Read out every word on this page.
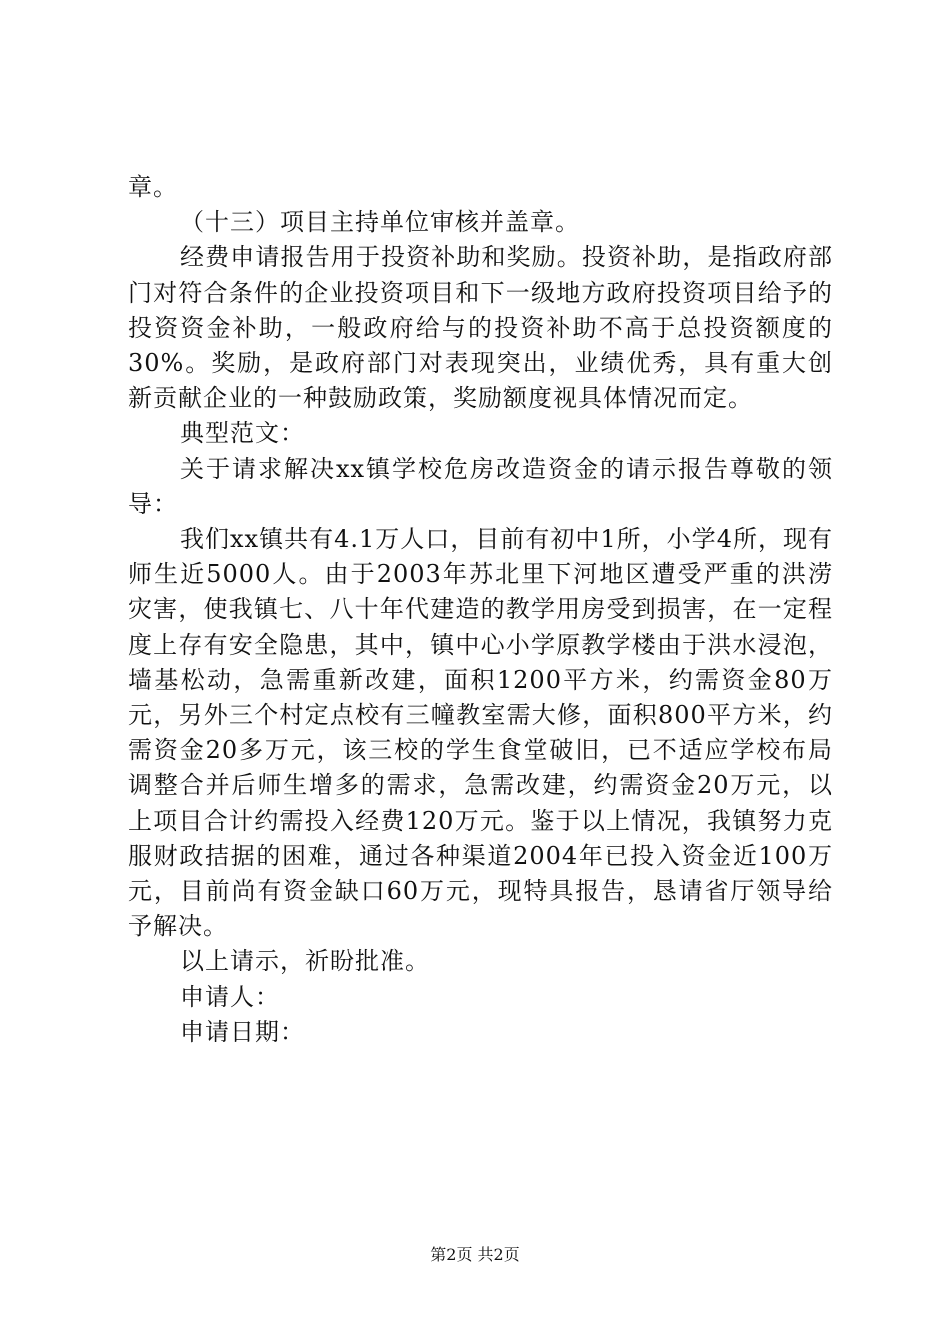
章。

（十三）项目主持单位审核并盖章。

经费申请报告用于投资补助和奖励。投资补助，是指政府部门对符合条件的企业投资项目和下一级地方政府投资项目给予的投资资金补助，一般政府给与的投资补助不高于总投资额度的30%。奖励，是政府部门对表现突出，业绩优秀，具有重大创新贡献企业的一种鼓励政策，奖励额度视具体情况而定。

典型范文：

关于请求解决xx镇学校危房改造资金的请示报告尊敬的领导：

我们xx镇共有4.1万人口，目前有初中1所，小学4所，现有师生近5000人。由于2003年苏北里下河地区遭受严重的洪涝灾害，使我镇七、八十年代建造的教学用房受到损害，在一定程度上存有安全隐患，其中，镇中心小学原教学楼由于洪水浸泡，墙基松动，急需重新改建，面积1200平方米，约需资金80万元，另外三个村定点校有三幢教室需大修，面积800平方米，约需资金20多万元，该三校的学生食堂破旧，已不适应学校布局调整合并后师生增多的需求，急需改建，约需资金20万元，以上项目合计约需投入经费120万元。鉴于以上情况，我镇努力克服财政拮据的困难，通过各种渠道2004年已投入资金近100万元，目前尚有资金缺口60万元，现特具报告，恳请省厅领导给予解决。

以上请示，祈盼批准。

申请人：

申请日期：

第2页 共2页
